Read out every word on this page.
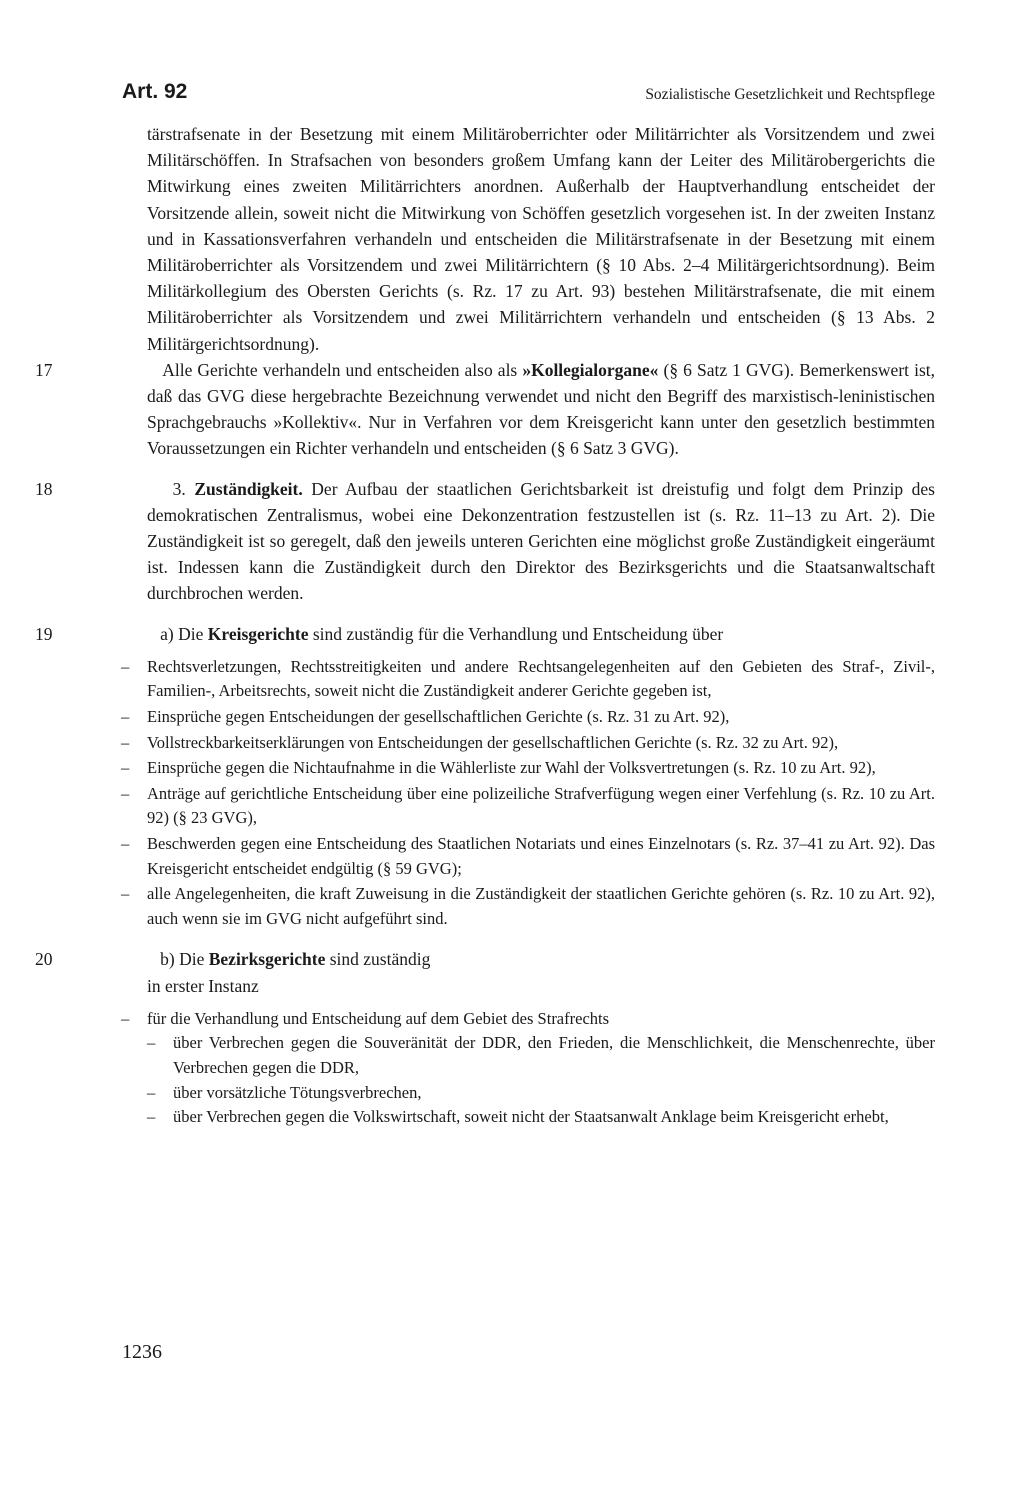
Art. 92	Sozialistische Gesetzlichkeit und Rechtspflege

tärstrafsenate in der Besetzung mit einem Militäroberrichter oder Militärrichter als Vorsitzendem und zwei Militärschöffen. In Strafsachen von besonders großem Umfang kann der Leiter des Militärobergerichts die Mitwirkung eines zweiten Militärrichters anordnen. Außerhalb der Hauptverhandlung entscheidet der Vorsitzende allein, soweit nicht die Mitwirkung von Schöffen gesetzlich vorgesehen ist. In der zweiten Instanz und in Kassationsverfahren verhandeln und entscheiden die Militärstrafsenate in der Besetzung mit einem Militäroberrichter als Vorsitzendem und zwei Militärrichtern (§ 10 Abs. 2–4 Militärgerichtsordnung). Beim Militärkollegium des Obersten Gerichts (s. Rz. 17 zu Art. 93) bestehen Militärstrafsenate, die mit einem Militäroberrichter als Vorsitzendem und zwei Militärrichtern verhandeln und entscheiden (§ 13 Abs. 2 Militärgerichtsordnung).

17	Alle Gerichte verhandeln und entscheiden also als »Kollegialorgane« (§ 6 Satz 1 GVG). Bemerkenswert ist, daß das GVG diese hergebrachte Bezeichnung verwendet und nicht den Begriff des marxistisch-leninistischen Sprachgebrauchs »Kollektiv«. Nur in Verfahren vor dem Kreisgericht kann unter den gesetzlich bestimmten Voraussetzungen ein Richter verhandeln und entscheiden (§ 6 Satz 3 GVG).

18	3. Zuständigkeit. Der Aufbau der staatlichen Gerichtsbarkeit ist dreistufig und folgt dem Prinzip des demokratischen Zentralismus, wobei eine Dekonzentration festzustellen ist (s. Rz. 11–13 zu Art. 2). Die Zuständigkeit ist so geregelt, daß den jeweils unteren Gerichten eine möglichst große Zuständigkeit eingeräumt ist. Indessen kann die Zuständigkeit durch den Direktor des Bezirksgerichts und die Staatsanwaltschaft durchbrochen werden.

19	a) Die Kreisgerichte sind zuständig für die Verhandlung und Entscheidung über

– Rechtsverletzungen, Rechtsstreitigkeiten und andere Rechtsangelegenheiten auf den Gebieten des Straf-, Zivil-, Familien-, Arbeitsrechts, soweit nicht die Zuständigkeit anderer Gerichte gegeben ist,
– Einsprüche gegen Entscheidungen der gesellschaftlichen Gerichte (s. Rz. 31 zu Art. 92),
– Vollstreckbarkeitserklärungen von Entscheidungen der gesellschaftlichen Gerichte (s. Rz. 32 zu Art. 92),
– Einsprüche gegen die Nichtaufnahme in die Wählerliste zur Wahl der Volksvertretungen (s. Rz. 10 zu Art. 92),
– Anträge auf gerichtliche Entscheidung über eine polizeiliche Strafverfügung wegen einer Verfehlung (s. Rz. 10 zu Art. 92) (§ 23 GVG),
– Beschwerden gegen eine Entscheidung des Staatlichen Notariats und eines Einzelnotars (s. Rz. 37–41 zu Art. 92). Das Kreisgericht entscheidet endgültig (§ 59 GVG);
– alle Angelegenheiten, die kraft Zuweisung in die Zuständigkeit der staatlichen Gerichte gehören (s. Rz. 10 zu Art. 92), auch wenn sie im GVG nicht aufgeführt sind.
20	b) Die Bezirksgerichte sind zuständig

in erster Instanz

– für die Verhandlung und Entscheidung auf dem Gebiet des Strafrechts
– über Verbrechen gegen die Souveränität der DDR, den Frieden, die Menschlichkeit, die Menschenrechte, über Verbrechen gegen die DDR,
– über vorsätzliche Tötungsverbrechen,
– über Verbrechen gegen die Volkswirtschaft, soweit nicht der Staatsanwalt Anklage beim Kreisgericht erhebt,
1236
